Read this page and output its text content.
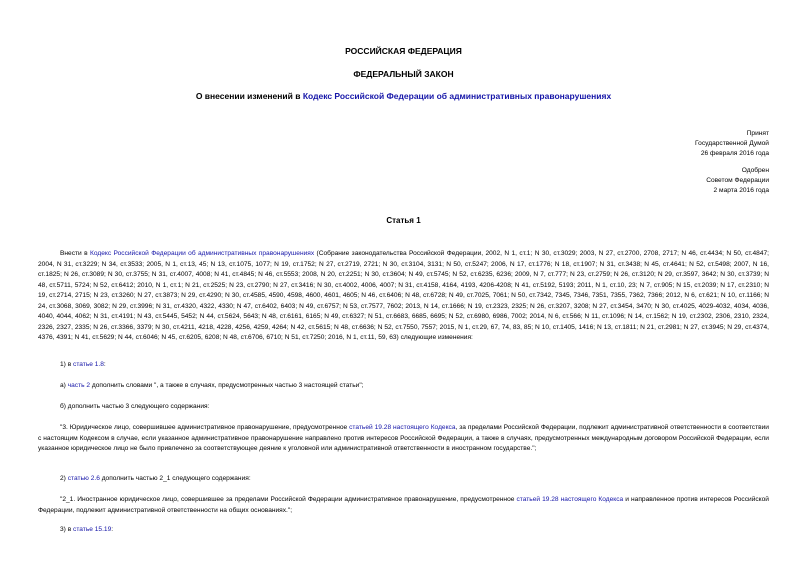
РОССИЙСКАЯ ФЕДЕРАЦИЯ
ФЕДЕРАЛЬНЫЙ ЗАКОН
О внесении изменений в Кодекс Российской Федерации об административных правонарушениях
Принят
Государственной Думой
26 февраля 2016 года
Одобрен
Советом Федерации
2 марта 2016 года
Статья 1
Внести в Кодекс Российской Федерации об административных правонарушениях (Собрание законодательства Российской Федерации, 2002, N 1, ст.1; N 30, ст.3029; 2003, N 27, ст.2700, 2708, 2717; N 46, ст.4434; N 50, ст.4847; 2004, N 31, ст.3229; N 34, ст.3533; 2005, N 1, ст.13, 45; N 13, ст.1075, 1077; N 19, ст.1752; N 27, ст.2719, 2721; N 30, ст.3104, 3131; N 50, ст.5247; 2006, N 17, ст.1776; N 18, ст.1907; N 31, ст.3438; N 45, ст.4641; N 52, ст.5498; 2007, N 16, ст.1825; N 26, ст.3089; N 30, ст.3755; N 31, ст.4007, 4008; N 41, ст.4845; N 46, ст.5553; 2008, N 20, ст.2251; N 30, ст.3604; N 49, ст.5745; N 52, ст.6235, 6236; 2009, N 7, ст.777; N 23, ст.2759; N 26, ст.3120; N 29, ст.3597, 3642; N 30, ст.3739; N 48, ст.5711, 5724; N 52, ст.6412; 2010, N 1, ст.1; N 21, ст.2525; N 23, ст.2790; N 27, ст.3416; N 30, ст.4002, 4006, 4007; N 31, ст.4158, 4164, 4193, 4206-4208; N 41, ст.5192, 5193; 2011, N 1, ст.10, 23; N 7, ст.905; N 15, ст.2039; N 17, ст.2310; N 19, ст.2714, 2715; N 23, ст.3260; N 27, ст.3873; N 29, ст.4290; N 30, ст.4585, 4590, 4598, 4600, 4601, 4605; N 46, ст.6406; N 48, ст.6728; N 49, ст.7025, 7061; N 50, ст.7342, 7345, 7346, 7351, 7355, 7362, 7366; 2012, N 6, ст.621; N 10, ст.1166; N 24, ст.3068, 3069, 3082; N 29, ст.3996; N 31, ст.4320, 4322, 4330; N 47, ст.6402, 6403; N 49, ст.6757; N 53, ст.7577, 7602; 2013, N 14, ст.1666; N 19, ст.2323, 2325; N 26, ст.3207, 3208; N 27, ст.3454, 3470; N 30, ст.4025, 4029-4032, 4034, 4036, 4040, 4044, 4062; N 31, ст.4191; N 43, ст.5445, 5452; N 44, ст.5624, 5643; N 48, ст.6161, 6165; N 49, ст.6327; N 51, ст.6683, 6685, 6695; N 52, ст.6980, 6986, 7002; 2014, N 6, ст.566; N 11, ст.1096; N 14, ст.1562; N 19, ст.2302, 2306, 2310, 2324, 2326, 2327, 2335; N 26, ст.3366, 3379; N 30, ст.4211, 4218, 4228, 4256, 4259, 4264; N 42, ст.5615; N 48, ст.6636; N 52, ст.7550, 7557; 2015, N 1, ст.29, 67, 74, 83, 85; N 10, ст.1405, 1416; N 13, ст.1811; N 21, ст.2981; N 27, ст.3945; N 29, ст.4374, 4376, 4391; N 41, ст.5629; N 44, ст.6046; N 45, ст.6205, 6208; N 48, ст.6706, 6710; N 51, ст.7250; 2016, N 1, ст.11, 59, 63) следующие изменения:
1) в статье 1.8:
а) часть 2 дополнить словами ", а также в случаях, предусмотренных частью 3 настоящей статьи";
б) дополнить частью 3 следующего содержания:
"3. Юридическое лицо, совершившее административное правонарушение, предусмотренное статьей 19.28 настоящего Кодекса, за пределами Российской Федерации, подлежит административной ответственности в соответствии с настоящим Кодексом в случае, если указанное административное правонарушение направлено против интересов Российской Федерации, а также в случаях, предусмотренных международным договором Российской Федерации, если указанное юридическое лицо не было привлечено за соответствующее деяние к уголовной или административной ответственности в иностранном государстве.";
2) статью 2.6 дополнить частью 2_1 следующего содержания:
"2_1. Иностранное юридическое лицо, совершившее за пределами Российской Федерации административное правонарушение, предусмотренное статьей 19.28 настоящего Кодекса и направленное против интересов Российской Федерации, подлежит административной ответственности на общих основаниях.";
3) в статье 15.19:
